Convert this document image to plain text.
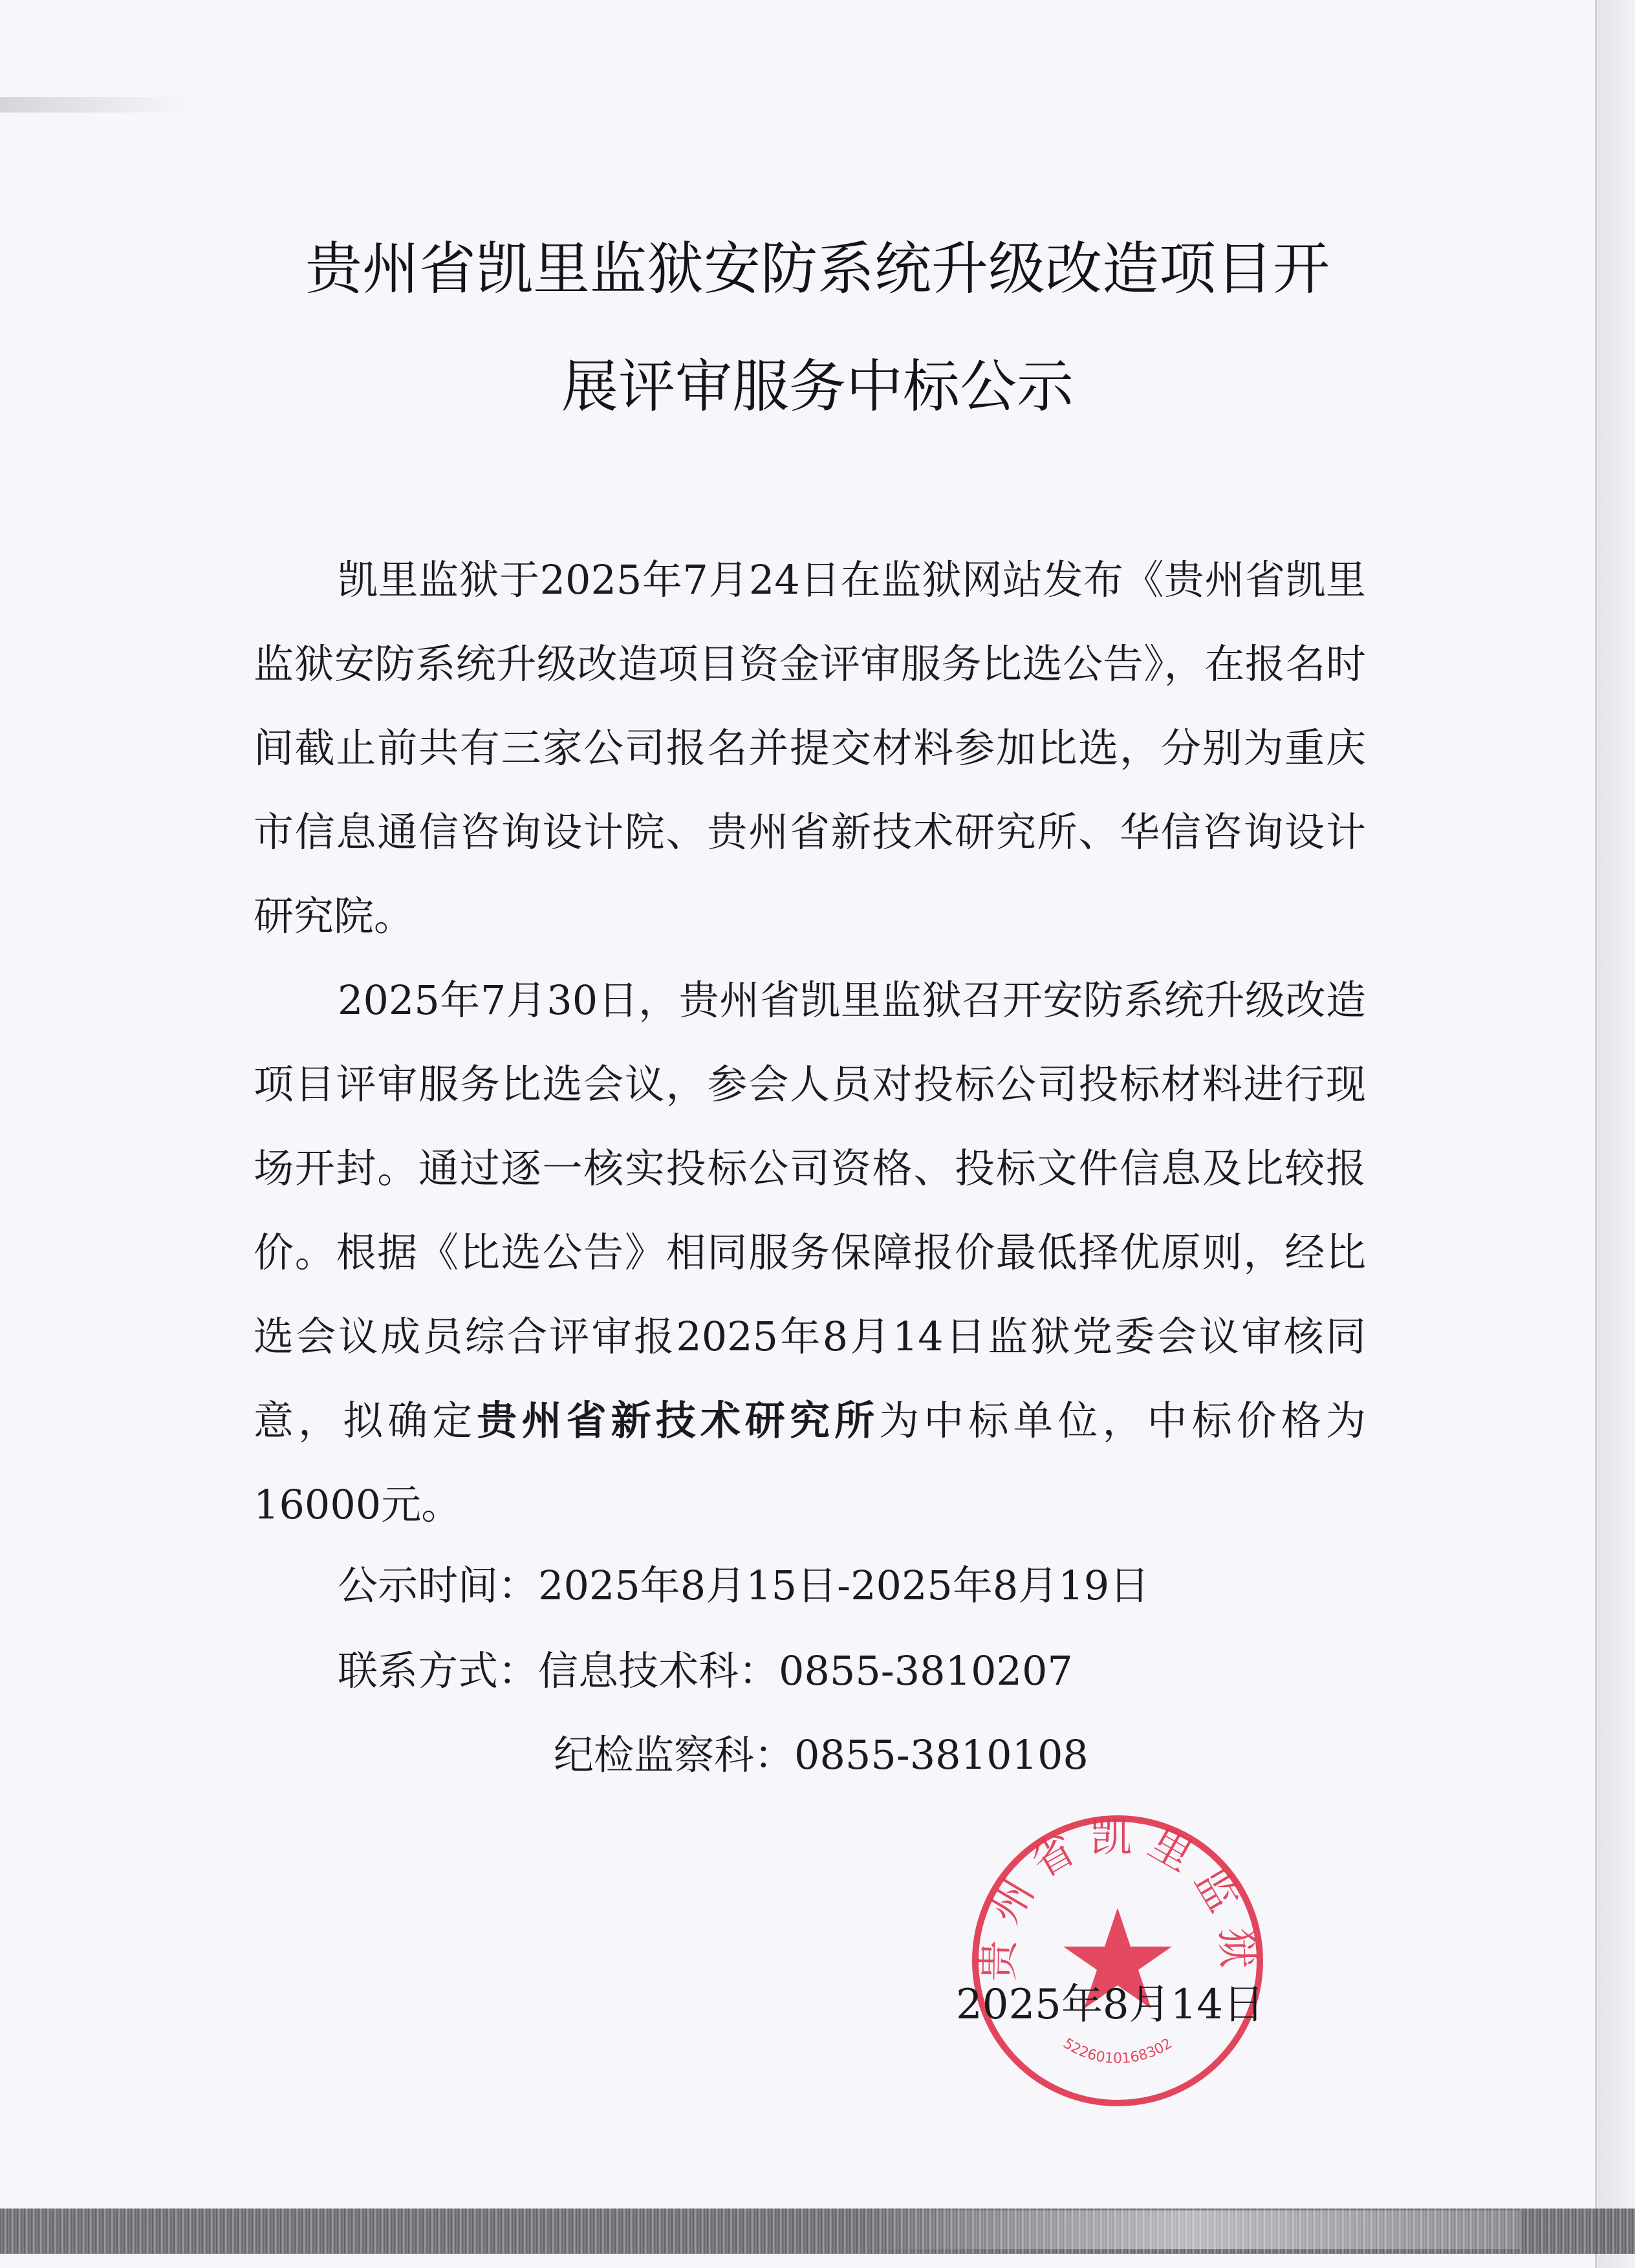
贵州省凯里监狱安防系统升级改造项目开
展评审服务中标公示

凯里监狱于2025年7月24日在监狱网站发布《贵州省凯里监狱安防系统升级改造项目资金评审服务比选公告》，在报名时间截止前共有三家公司报名并提交材料参加比选，分别为重庆市信息通信咨询设计院、贵州省新技术研究所、华信咨询设计研究院。

2025年7月30日，贵州省凯里监狱召开安防系统升级改造项目评审服务比选会议，参会人员对投标公司投标材料进行现场开封。通过逐一核实投标公司资格、投标文件信息及比较报价。根据《比选公告》相同服务保障报价最低择优原则，经比选会议成员综合评审报2025年8月14日监狱党委会议审核同意，拟确定贵州省新技术研究所为中标单位，中标价格为16000元。

公示时间：2025年8月15日-2025年8月19日
联系方式：信息技术科：0855-3810207
纪检监察科：0855-3810108
贵州省凯里监狱
5226010168302
2025年8月14日
